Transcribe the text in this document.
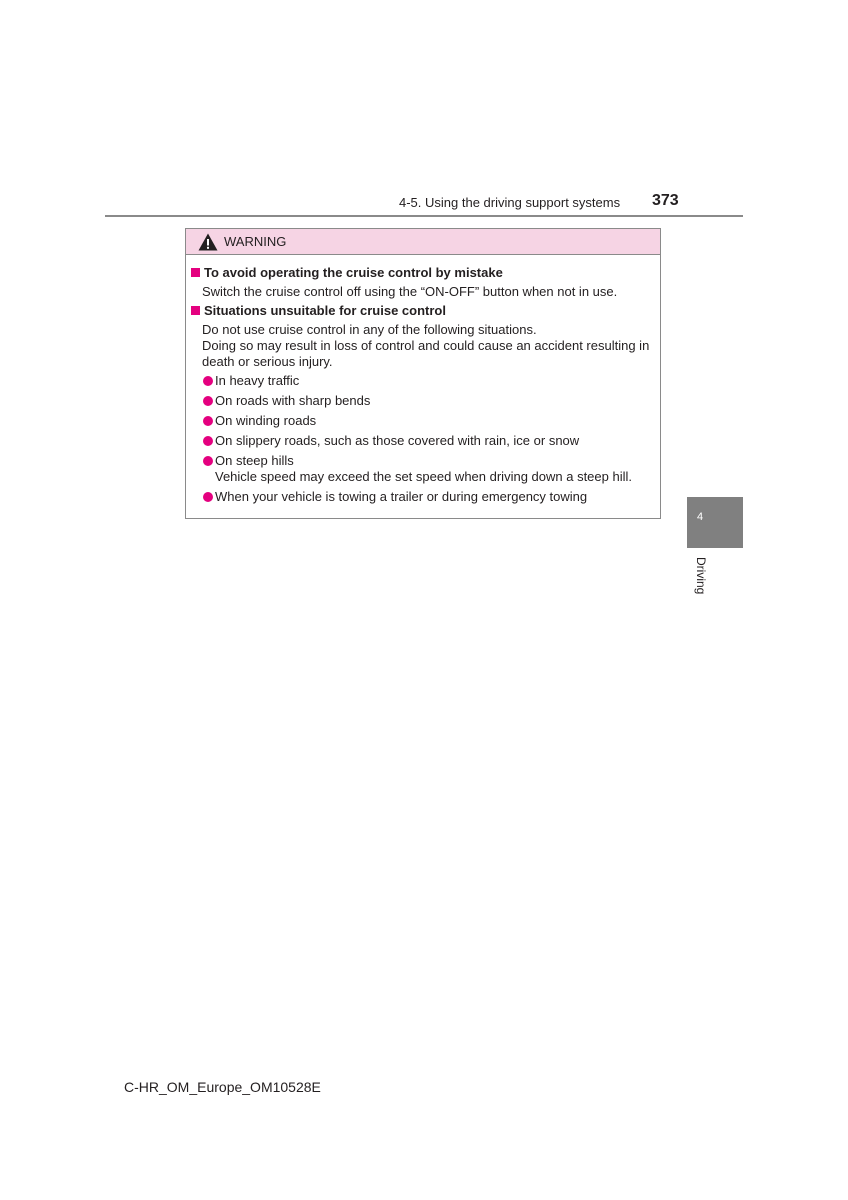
4-5. Using the driving support systems 373
WARNING
To avoid operating the cruise control by mistake
Switch the cruise control off using the “ON-OFF” button when not in use.
Situations unsuitable for cruise control
Do not use cruise control in any of the following situations.
Doing so may result in loss of control and could cause an accident resulting in death or serious injury.
In heavy traffic
On roads with sharp bends
On winding roads
On slippery roads, such as those covered with rain, ice or snow
On steep hills
Vehicle speed may exceed the set speed when driving down a steep hill.
When your vehicle is towing a trailer or during emergency towing
4
Driving
C-HR_OM_Europe_OM10528E
